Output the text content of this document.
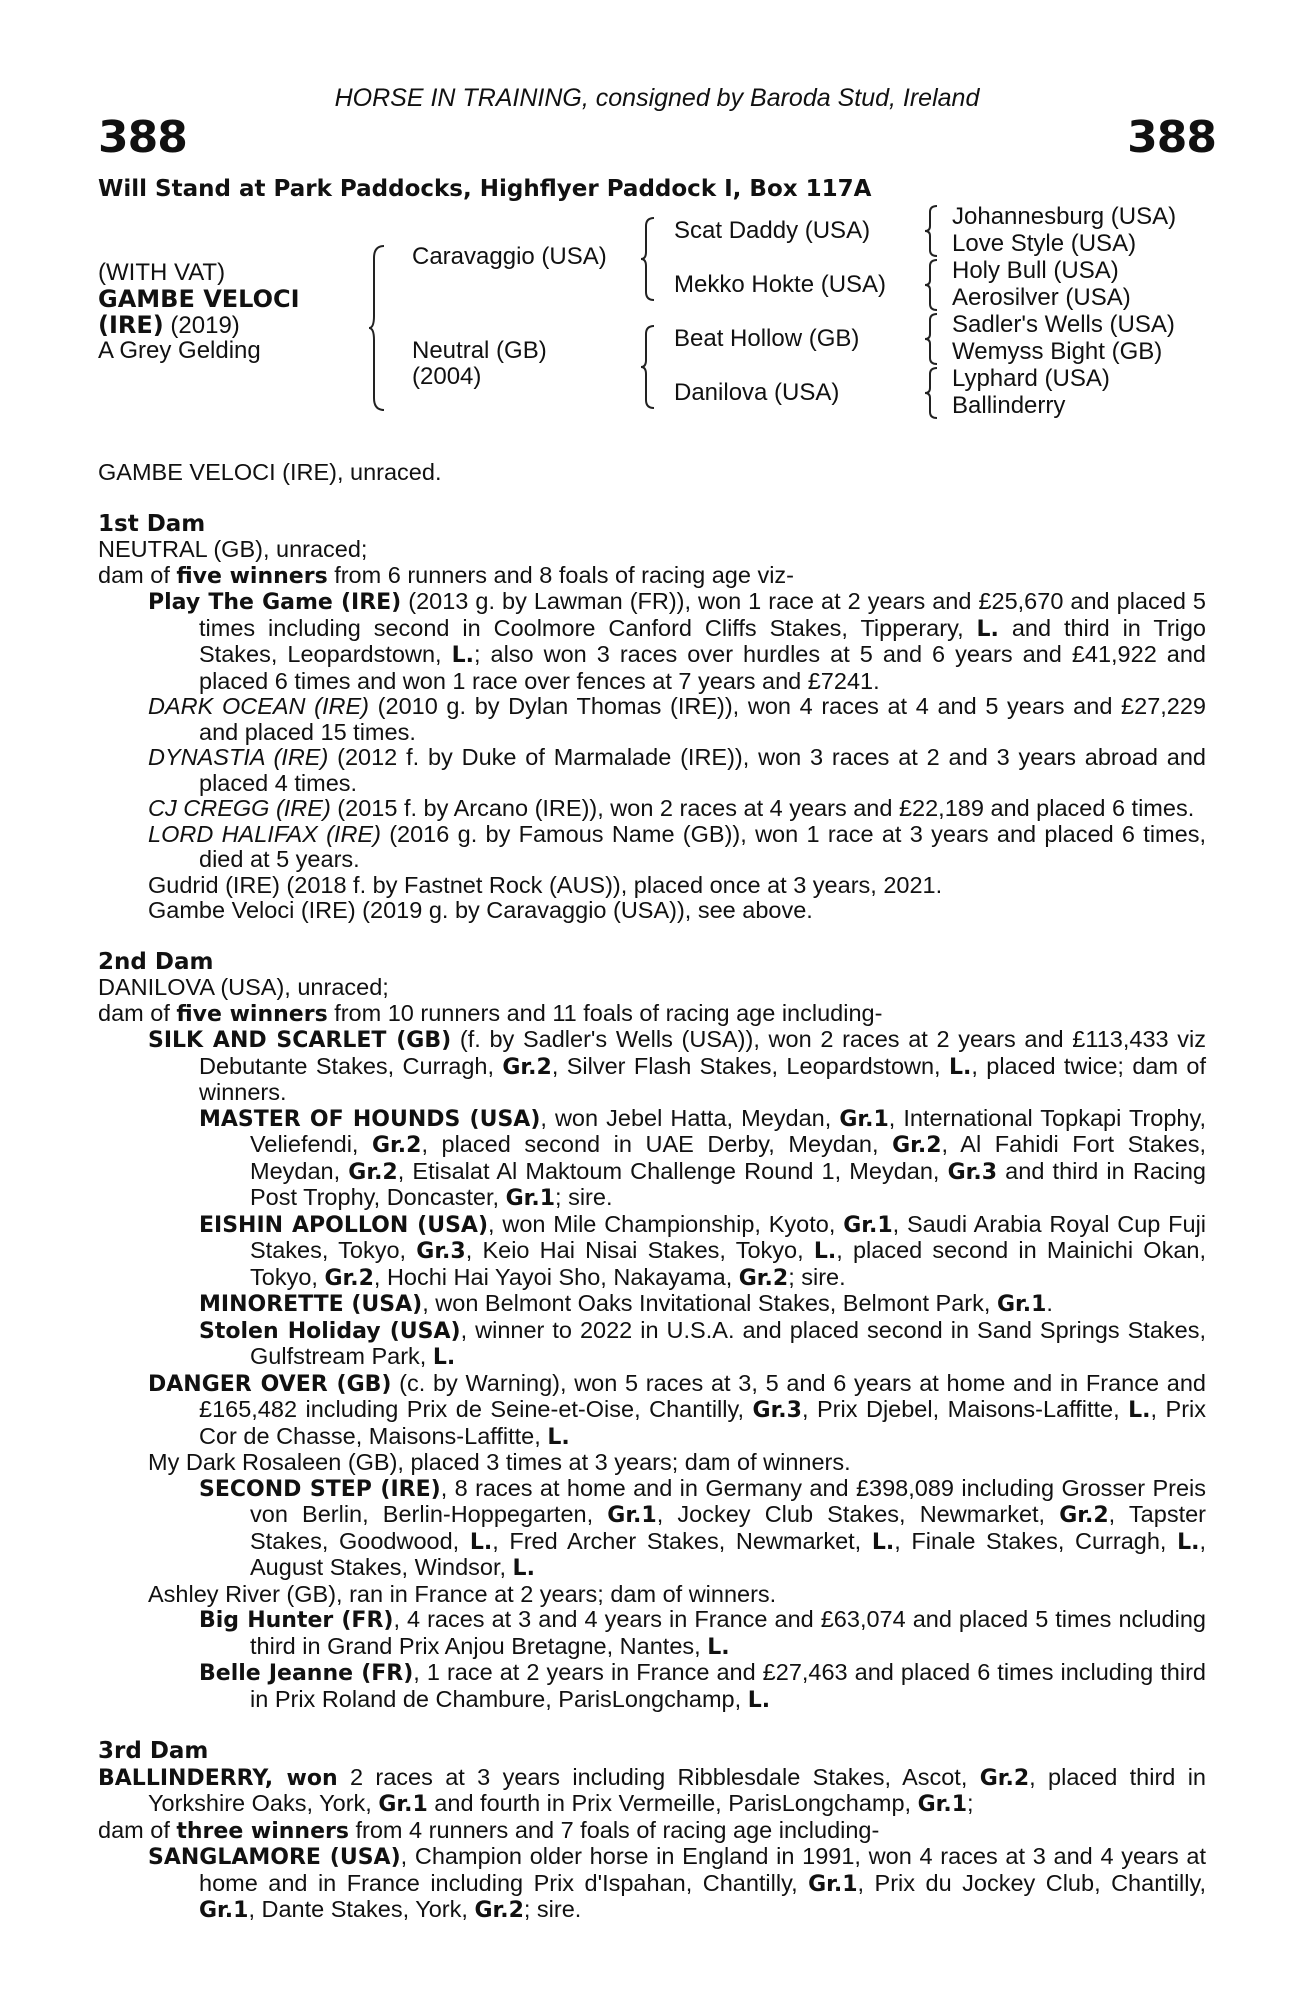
HORSE IN TRAINING, consigned by Baroda Stud, Ireland
388	388
Will Stand at Park Paddocks, Highflyer Paddock I, Box 117A
(WITH VAT)
GAMBE VELOCI
(IRE) (2019)
A Grey Gelding
Caravaggio (USA)
Neutral (GB)
(2004)
Scat Daddy (USA)
Mekko Hokte (USA)
Beat Hollow (GB)
Danilova (USA)
Johannesburg (USA)
Love Style (USA)
Holy Bull (USA)
Aerosilver (USA)
Sadler's Wells (USA)
Wemyss Bight (GB)
Lyphard (USA)
Ballinderry

GAMBE VELOCI (IRE), unraced.

1st Dam

NEUTRAL (GB), unraced;

dam of five winners from 6 runners and 8 foals of racing age viz-

Play The Game (IRE) (2013 g. by Lawman (FR)), won 1 race at 2 years and £25,670 and placed 5 times including second in Coolmore Canford Cliffs Stakes, Tipperary, L. and third in Trigo Stakes, Leopardstown, L.; also won 3 races over hurdles at 5 and 6 years and £41,922 and placed 6 times and won 1 race over fences at 7 years and £7241.

DARK OCEAN (IRE) (2010 g. by Dylan Thomas (IRE)), won 4 races at 4 and 5 years and £27,229 and placed 15 times.

DYNASTIA (IRE) (2012 f. by Duke of Marmalade (IRE)), won 3 races at 2 and 3 years abroad and placed 4 times.

CJ CREGG (IRE) (2015 f. by Arcano (IRE)), won 2 races at 4 years and £22,189 and placed 6 times.

LORD HALIFAX (IRE) (2016 g. by Famous Name (GB)), won 1 race at 3 years and placed 6 times, died at 5 years.

Gudrid (IRE) (2018 f. by Fastnet Rock (AUS)), placed once at 3 years, 2021.

Gambe Veloci (IRE) (2019 g. by Caravaggio (USA)), see above.

2nd Dam

DANILOVA (USA), unraced;

dam of five winners from 10 runners and 11 foals of racing age including-

SILK AND SCARLET (GB) (f. by Sadler's Wells (USA)), won 2 races at 2 years and £113,433 viz Debutante Stakes, Curragh, Gr.2, Silver Flash Stakes, Leopardstown, L., placed twice; dam of winners.

MASTER OF HOUNDS (USA), won Jebel Hatta, Meydan, Gr.1, International Topkapi Trophy, Veliefendi, Gr.2, placed second in UAE Derby, Meydan, Gr.2, Al Fahidi Fort Stakes, Meydan, Gr.2, Etisalat Al Maktoum Challenge Round 1, Meydan, Gr.3 and third in Racing Post Trophy, Doncaster, Gr.1; sire.

EISHIN APOLLON (USA), won Mile Championship, Kyoto, Gr.1, Saudi Arabia Royal Cup Fuji Stakes, Tokyo, Gr.3, Keio Hai Nisai Stakes, Tokyo, L., placed second in Mainichi Okan, Tokyo, Gr.2, Hochi Hai Yayoi Sho, Nakayama, Gr.2; sire.

MINORETTE (USA), won Belmont Oaks Invitational Stakes, Belmont Park, Gr.1.

Stolen Holiday (USA), winner to 2022 in U.S.A. and placed second in Sand Springs Stakes, Gulfstream Park, L.

DANGER OVER (GB) (c. by Warning), won 5 races at 3, 5 and 6 years at home and in France and £165,482 including Prix de Seine-et-Oise, Chantilly, Gr.3, Prix Djebel, Maisons-Laffitte, L., Prix Cor de Chasse, Maisons-Laffitte, L.

My Dark Rosaleen (GB), placed 3 times at 3 years; dam of winners.

SECOND STEP (IRE), 8 races at home and in Germany and £398,089 including Grosser Preis von Berlin, Berlin-Hoppegarten, Gr.1, Jockey Club Stakes, Newmarket, Gr.2, Tapster Stakes, Goodwood, L., Fred Archer Stakes, Newmarket, L., Finale Stakes, Curragh, L., August Stakes, Windsor, L.

Ashley River (GB), ran in France at 2 years; dam of winners.

Big Hunter (FR), 4 races at 3 and 4 years in France and £63,074 and placed 5 times ncluding third in Grand Prix Anjou Bretagne, Nantes, L.

Belle Jeanne (FR), 1 race at 2 years in France and £27,463 and placed 6 times including third in Prix Roland de Chambure, ParisLongchamp, L.

3rd Dam

BALLINDERRY, won 2 races at 3 years including Ribblesdale Stakes, Ascot, Gr.2, placed third in Yorkshire Oaks, York, Gr.1 and fourth in Prix Vermeille, ParisLongchamp, Gr.1;

dam of three winners from 4 runners and 7 foals of racing age including-

SANGLAMORE (USA), Champion older horse in England in 1991, won 4 races at 3 and 4 years at home and in France including Prix d'Ispahan, Chantilly, Gr.1, Prix du Jockey Club, Chantilly, Gr.1, Dante Stakes, York, Gr.2; sire.
